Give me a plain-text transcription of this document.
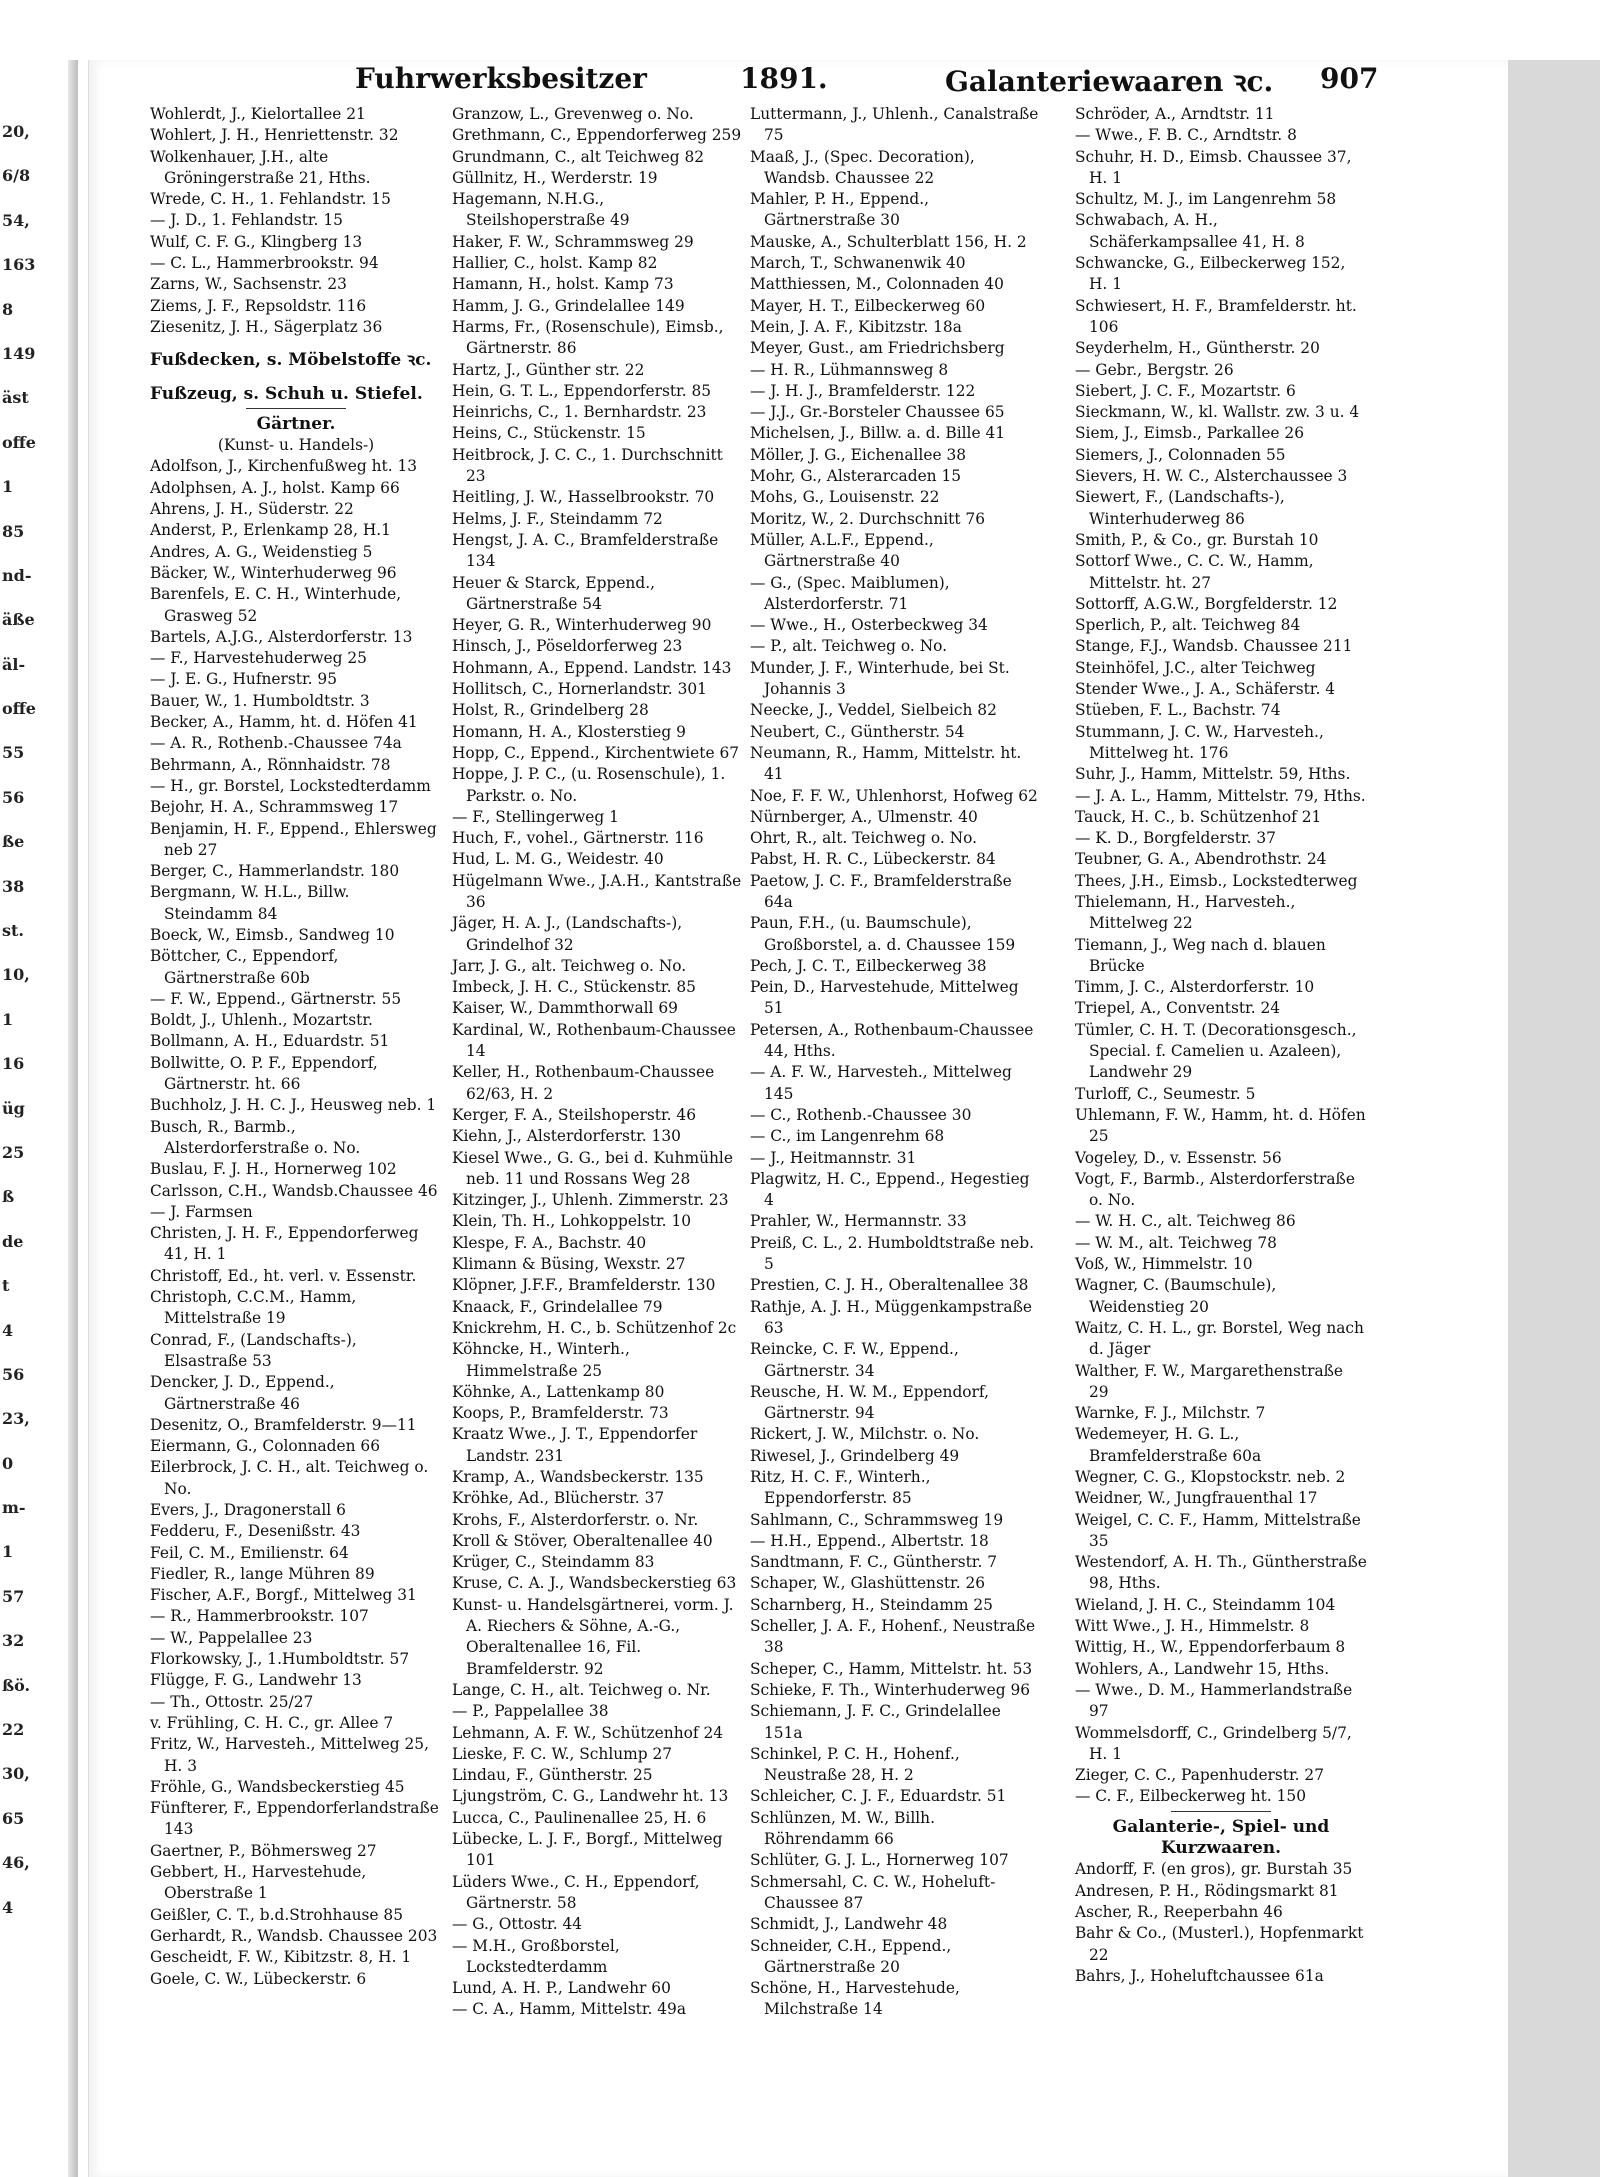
20,
6/8
54,
163
8
149
äst
offe
1
85
nd-
äße
äl-
offe
55
56
ße
38
st.
10,
1
16
üg
25
ß
de
t
4
56
23,
0
m-
1
57
32
ßö.
22
30,
65
46,
4
Fuhrwerksbesitzer	1891.	Galanteriewaaren ꝛc. 907
Wohlerdt, J., Kielortallee 21
Wohlert, J. H., Henriettenstr. 32
Wolkenhauer, J.H., alte Gröningerstraße 21, Hths.
Wrede, C. H., 1. Fehlandstr. 15
— J. D., 1. Fehlandstr. 15
Wulf, C. F. G., Klingberg 13
— C. L., Hammerbrookstr. 94
Zarns, W., Sachsenstr. 23
Ziems, J. F., Repsoldstr. 116
Ziesenitz, J. H., Sägerplatz 36
Fußdecken, s. Möbelstoffe ꝛc.
Fußzeug, s. Schuh u. Stiefel.
Gärtner.
(Kunst- u. Handels-)
Adolfson, J., Kirchenfußweg ht. 13
Adolphsen, A. J., holst. Kamp 66
Ahrens, J. H., Süderstr. 22
Anderst, P., Erlenkamp 28, H.1
Andres, A. G., Weidenstieg 5
Bäcker, W., Winterhuderweg 96
Barenfels, E. C. H., Winterhude, Grasweg 52
Bartels, A.J.G., Alsterdorferstr. 13
— F., Harvestehuderweg 25
— J. E. G., Hufnerstr. 95
Bauer, W., 1. Humboldtstr. 3
Becker, A., Hamm, ht. d. Höfen 41
— A. R., Rothenb.-Chaussee 74a
Behrmann, A., Rönnhaidstr. 78
— H., gr. Borstel, Lockstedterdamm
Bejohr, H. A., Schrammsweg 17
Benjamin, H. F., Eppend., Ehlersweg neb 27
Berger, C., Hammerlandstr. 180
Bergmann, W. H.L., Billw. Steindamm 84
Boeck, W., Eimsb., Sandweg 10
Böttcher, C., Eppendorf, Gärtnerstraße 60b
— F. W., Eppend., Gärtnerstr. 55
Boldt, J., Uhlenh., Mozartstr.
Bollmann, A. H., Eduardstr. 51
Bollwitte, O. P. F., Eppendorf, Gärtnerstr. ht. 66
Buchholz, J. H. C. J., Heusweg neb. 1
Busch, R., Barmb., Alsterdorferstraße o. No.
Buslau, F. J. H., Hornerweg 102
Carlsson, C.H., Wandsb.Chaussee 46
— J. Farmsen
Christen, J. H. F., Eppendorferweg 41, H. 1
Christoff, Ed., ht. verl. v. Essenstr.
Christoph, C.C.M., Hamm, Mittelstraße 19
Conrad, F., (Landschafts-), Elsastraße 53
Dencker, J. D., Eppend., Gärtnerstraße 46
Desenitz, O., Bramfelderstr. 9—11
Eiermann, G., Colonnaden 66
Eilerbrock, J. C. H., alt. Teichweg o. No.
Evers, J., Dragonerstall 6
Fedderu, F., Desenißstr. 43
Feil, C. M., Emilienstr. 64
Fiedler, R., lange Mühren 89
Fischer, A.F., Borgf., Mittelweg 31
— R., Hammerbrookstr. 107
— W., Pappelallee 23
Florkowsky, J., 1.Humboldtstr. 57
Flügge, F. G., Landwehr 13
— Th., Ottostr. 25/27
v. Frühling, C. H. C., gr. Allee 7
Fritz, W., Harvesteh., Mittelweg 25, H. 3
Fröhle, G., Wandsbeckerstieg 45
Fünfterer, F., Eppendorferlandstraße 143
Gaertner, P., Böhmersweg 27
Gebbert, H., Harvestehude, Oberstraße 1
Geißler, C. T., b.d.Strohhause 85
Gerhardt, R., Wandsb. Chaussee 203
Gescheidt, F. W., Kibitzstr. 8, H. 1
Goele, C. W., Lübeckerstr. 6
Granzow, L., Grevenweg o. No.
Grethmann, C., Eppendorferweg 259
Grundmann, C., alt Teichweg 82
Güllnitz, H., Werderstr. 19
Hagemann, N.H.G., Steilshoperstraße 49
Haker, F. W., Schrammsweg 29
Hallier, C., holst. Kamp 82
Hamann, H., holst. Kamp 73
Hamm, J. G., Grindelallee 149
Harms, Fr., (Rosenschule), Eimsb., Gärtnerstr. 86
Hartz, J., Günther str. 22
Hein, G. T. L., Eppendorferstr. 85
Heinrichs, C., 1. Bernhardstr. 23
Heins, C., Stückenstr. 15
Heitbrock, J. C. C., 1. Durchschnitt 23
Heitling, J. W., Hasselbrookstr. 70
Helms, J. F., Steindamm 72
Hengst, J. A. C., Bramfelderstraße 134
Heuer & Starck, Eppend., Gärtnerstraße 54
Heyer, G. R., Winterhuderweg 90
Hinsch, J., Pöseldorferweg 23
Hohmann, A., Eppend. Landstr. 143
Hollitsch, C., Hornerlandstr. 301
Holst, R., Grindelberg 28
Homann, H. A., Klosterstieg 9
Hopp, C., Eppend., Kirchentwiete 67
Hoppe, J. P. C., (u. Rosenschule), 1. Parkstr. o. No.
— F., Stellingerweg 1
Huch, F., vohel., Gärtnerstr. 116
Hud, L. M. G., Weidestr. 40
Hügelmann Wwe., J.A.H., Kantstraße 36
Jäger, H. A. J., (Landschafts-), Grindelhof 32
Jarr, J. G., alt. Teichweg o. No.
Imbeck, J. H. C., Stückenstr. 85
Kaiser, W., Dammthorwall 69
Kardinal, W., Rothenbaum-Chaussee 14
Keller, H., Rothenbaum-Chaussee 62/63, H. 2
Kerger, F. A., Steilshoperstr. 46
Kiehn, J., Alsterdorferstr. 130
Kiesel Wwe., G. G., bei d. Kuhmühle neb. 11 und Rossans Weg 28
Kitzinger, J., Uhlenh. Zimmerstr. 23
Klein, Th. H., Lohkoppelstr. 10
Klespe, F. A., Bachstr. 40
Klimann & Büsing, Wexstr. 27
Klöpner, J.F.F., Bramfelderstr. 130
Knaack, F., Grindelallee 79
Knickrehm, H. C., b. Schützenhof 2c
Köhncke, H., Winterh., Himmelstraße 25
Köhnke, A., Lattenkamp 80
Koops, P., Bramfelderstr. 73
Kraatz Wwe., J. T., Eppendorfer Landstr. 231
Kramp, A., Wandsbeckerstr. 135
Kröhke, Ad., Blücherstr. 37
Krohs, F., Alsterdorferstr. o. Nr.
Kroll & Stöver, Oberaltenallee 40
Krüger, C., Steindamm 83
Kruse, C. A. J., Wandsbeckerstieg 63
Kunst- u. Handelsgärtnerei, vorm. J. A. Riechers & Söhne, A.-G., Oberaltenallee 16, Fil. Bramfelderstr. 92
Lange, C. H., alt. Teichweg o. Nr.
— P., Pappelallee 38
Lehmann, A. F. W., Schützenhof 24
Lieske, F. C. W., Schlump 27
Lindau, F., Güntherstr. 25
Ljungström, C. G., Landwehr ht. 13
Lucca, C., Paulinenallee 25, H. 6
Lübecke, L. J. F., Borgf., Mittelweg 101
Lüders Wwe., C. H., Eppendorf, Gärtnerstr. 58
— G., Ottostr. 44
— M.H., Großborstel, Lockstedterdamm
Lund, A. H. P., Landwehr 60
— C. A., Hamm, Mittelstr. 49a
Luttermann, J., Uhlenh., Canalstraße 75
Maaß, J., (Spec. Decoration), Wandsb. Chaussee 22
Mahler, P. H., Eppend., Gärtnerstraße 30
Mauske, A., Schulterblatt 156, H. 2
March, T., Schwanenwik 40
Matthiessen, M., Colonnaden 40
Mayer, H. T., Eilbeckerweg 60
Mein, J. A. F., Kibitzstr. 18a
Meyer, Gust., am Friedrichsberg
— H. R., Lühmannsweg 8
— J. H. J., Bramfelderstr. 122
— J.J., Gr.-Borsteler Chaussee 65
Michelsen, J., Billw. a. d. Bille 41
Möller, J. G., Eichenallee 38
Mohr, G., Alsterarcaden 15
Mohs, G., Louisenstr. 22
Moritz, W., 2. Durchschnitt 76
Müller, A.L.F., Eppend., Gärtnerstraße 40
— G., (Spec. Maiblumen), Alsterdorferstr. 71
— Wwe., H., Osterbeckweg 34
— P., alt. Teichweg o. No.
Munder, J. F., Winterhude, bei St. Johannis 3
Neecke, J., Veddel, Sielbeich 82
Neubert, C., Güntherstr. 54
Neumann, R., Hamm, Mittelstr. ht. 41
Noe, F. F. W., Uhlenhorst, Hofweg 62
Nürnberger, A., Ulmenstr. 40
Ohrt, R., alt. Teichweg o. No.
Pabst, H. R. C., Lübeckerstr. 84
Paetow, J. C. F., Bramfelderstraße 64a
Paun, F.H., (u. Baumschule), Großborstel, a. d. Chaussee 159
Pech, J. C. T., Eilbeckerweg 38
Pein, D., Harvestehude, Mittelweg 51
Petersen, A., Rothenbaum-Chaussee 44, Hths.
— A. F. W., Harvesteh., Mittelweg 145
— C., Rothenb.-Chaussee 30
— C., im Langenrehm 68
— J., Heitmannstr. 31
Plagwitz, H. C., Eppend., Hegestieg 4
Prahler, W., Hermannstr. 33
Preiß, C. L., 2. Humboldtstraße neb. 5
Prestien, C. J. H., Oberaltenallee 38
Rathje, A. J. H., Müggenkampstraße 63
Reincke, C. F. W., Eppend., Gärtnerstr. 34
Reusche, H. W. M., Eppendorf, Gärtnerstr. 94
Rickert, J. W., Milchstr. o. No.
Riwesel, J., Grindelberg 49
Ritz, H. C. F., Winterh., Eppendorferstr. 85
Sahlmann, C., Schrammsweg 19
— H.H., Eppend., Albertstr. 18
Sandtmann, F. C., Güntherstr. 7
Schaper, W., Glashüttenstr. 26
Scharnberg, H., Steindamm 25
Scheller, J. A. F., Hohenf., Neustraße 38
Scheper, C., Hamm, Mittelstr. ht. 53
Schieke, F. Th., Winterhuderweg 96
Schiemann, J. F. C., Grindelallee 151a
Schinkel, P. C. H., Hohenf., Neustraße 28, H. 2
Schleicher, C. J. F., Eduardstr. 51
Schlünzen, M. W., Billh. Röhrendamm 66
Schlüter, G. J. L., Hornerweg 107
Schmersahl, C. C. W., Hoheluft-Chaussee 87
Schmidt, J., Landwehr 48
Schneider, C.H., Eppend., Gärtnerstraße 20
Schöne, H., Harvestehude, Milchstraße 14
Schröder, A., Arndtstr. 11
— Wwe., F. B. C., Arndtstr. 8
Schuhr, H. D., Eimsb. Chaussee 37, H. 1
Schultz, M. J., im Langenrehm 58
Schwabach, A. H., Schäferkampsallee 41, H. 8
Schwancke, G., Eilbeckerweg 152, H. 1
Schwiesert, H. F., Bramfelderstr. ht. 106
Seyderhelm, H., Güntherstr. 20
— Gebr., Bergstr. 26
Siebert, J. C. F., Mozartstr. 6
Sieckmann, W., kl. Wallstr. zw. 3 u. 4
Siem, J., Eimsb., Parkallee 26
Siemers, J., Colonnaden 55
Sievers, H. W. C., Alsterchaussee 3
Siewert, F., (Landschafts-), Winterhuderweg 86
Smith, P., & Co., gr. Burstah 10
Sottorf Wwe., C. C. W., Hamm, Mittelstr. ht. 27
Sottorff, A.G.W., Borgfelderstr. 12
Sperlich, P., alt. Teichweg 84
Stange, F.J., Wandsb. Chaussee 211
Steinhöfel, J.C., alter Teichweg
Stender Wwe., J. A., Schäferstr. 4
Stüeben, F. L., Bachstr. 74
Stummann, J. C. W., Harvesteh., Mittelweg ht. 176
Suhr, J., Hamm, Mittelstr. 59, Hths.
— J. A. L., Hamm, Mittelstr. 79, Hths.
Tauck, H. C., b. Schützenhof 21
— K. D., Borgfelderstr. 37
Teubner, G. A., Abendrothstr. 24
Thees, J.H., Eimsb., Lockstedterweg
Thielemann, H., Harvesteh., Mittelweg 22
Tiemann, J., Weg nach d. blauen Brücke
Timm, J. C., Alsterdorferstr. 10
Triepel, A., Conventstr. 24
Tümler, C. H. T. (Decorationsgesch., Special. f. Camelien u. Azaleen), Landwehr 29
Turloff, C., Seumestr. 5
Uhlemann, F. W., Hamm, ht. d. Höfen 25
Vogeley, D., v. Essenstr. 56
Vogt, F., Barmb., Alsterdorferstraße o. No.
— W. H. C., alt. Teichweg 86
— W. M., alt. Teichweg 78
Voß, W., Himmelstr. 10
Wagner, C. (Baumschule), Weidenstieg 20
Waitz, C. H. L., gr. Borstel, Weg nach d. Jäger
Walther, F. W., Margarethenstraße 29
Warnke, F. J., Milchstr. 7
Wedemeyer, H. G. L., Bramfelderstraße 60a
Wegner, C. G., Klopstockstr. neb. 2
Weidner, W., Jungfrauenthal 17
Weigel, C. C. F., Hamm, Mittelstraße 35
Westendorf, A. H. Th., Güntherstraße 98, Hths.
Wieland, J. H. C., Steindamm 104
Witt Wwe., J. H., Himmelstr. 8
Wittig, H., W., Eppendorferbaum 8
Wohlers, A., Landwehr 15, Hths.
— Wwe., D. M., Hammerlandstraße 97
Wommelsdorff, C., Grindelberg 5/7, H. 1
Zieger, C. C., Papenhuderstr. 27
— C. F., Eilbeckerweg ht. 150
Galanterie-, Spiel- und Kurzwaaren.
Andorff, F. (en gros), gr. Burstah 35
Andresen, P. H., Rödingsmarkt 81
Ascher, R., Reeperbahn 46
Bahr & Co., (Musterl.), Hopfenmarkt 22
Bahrs, J., Hoheluftchaussee 61a
